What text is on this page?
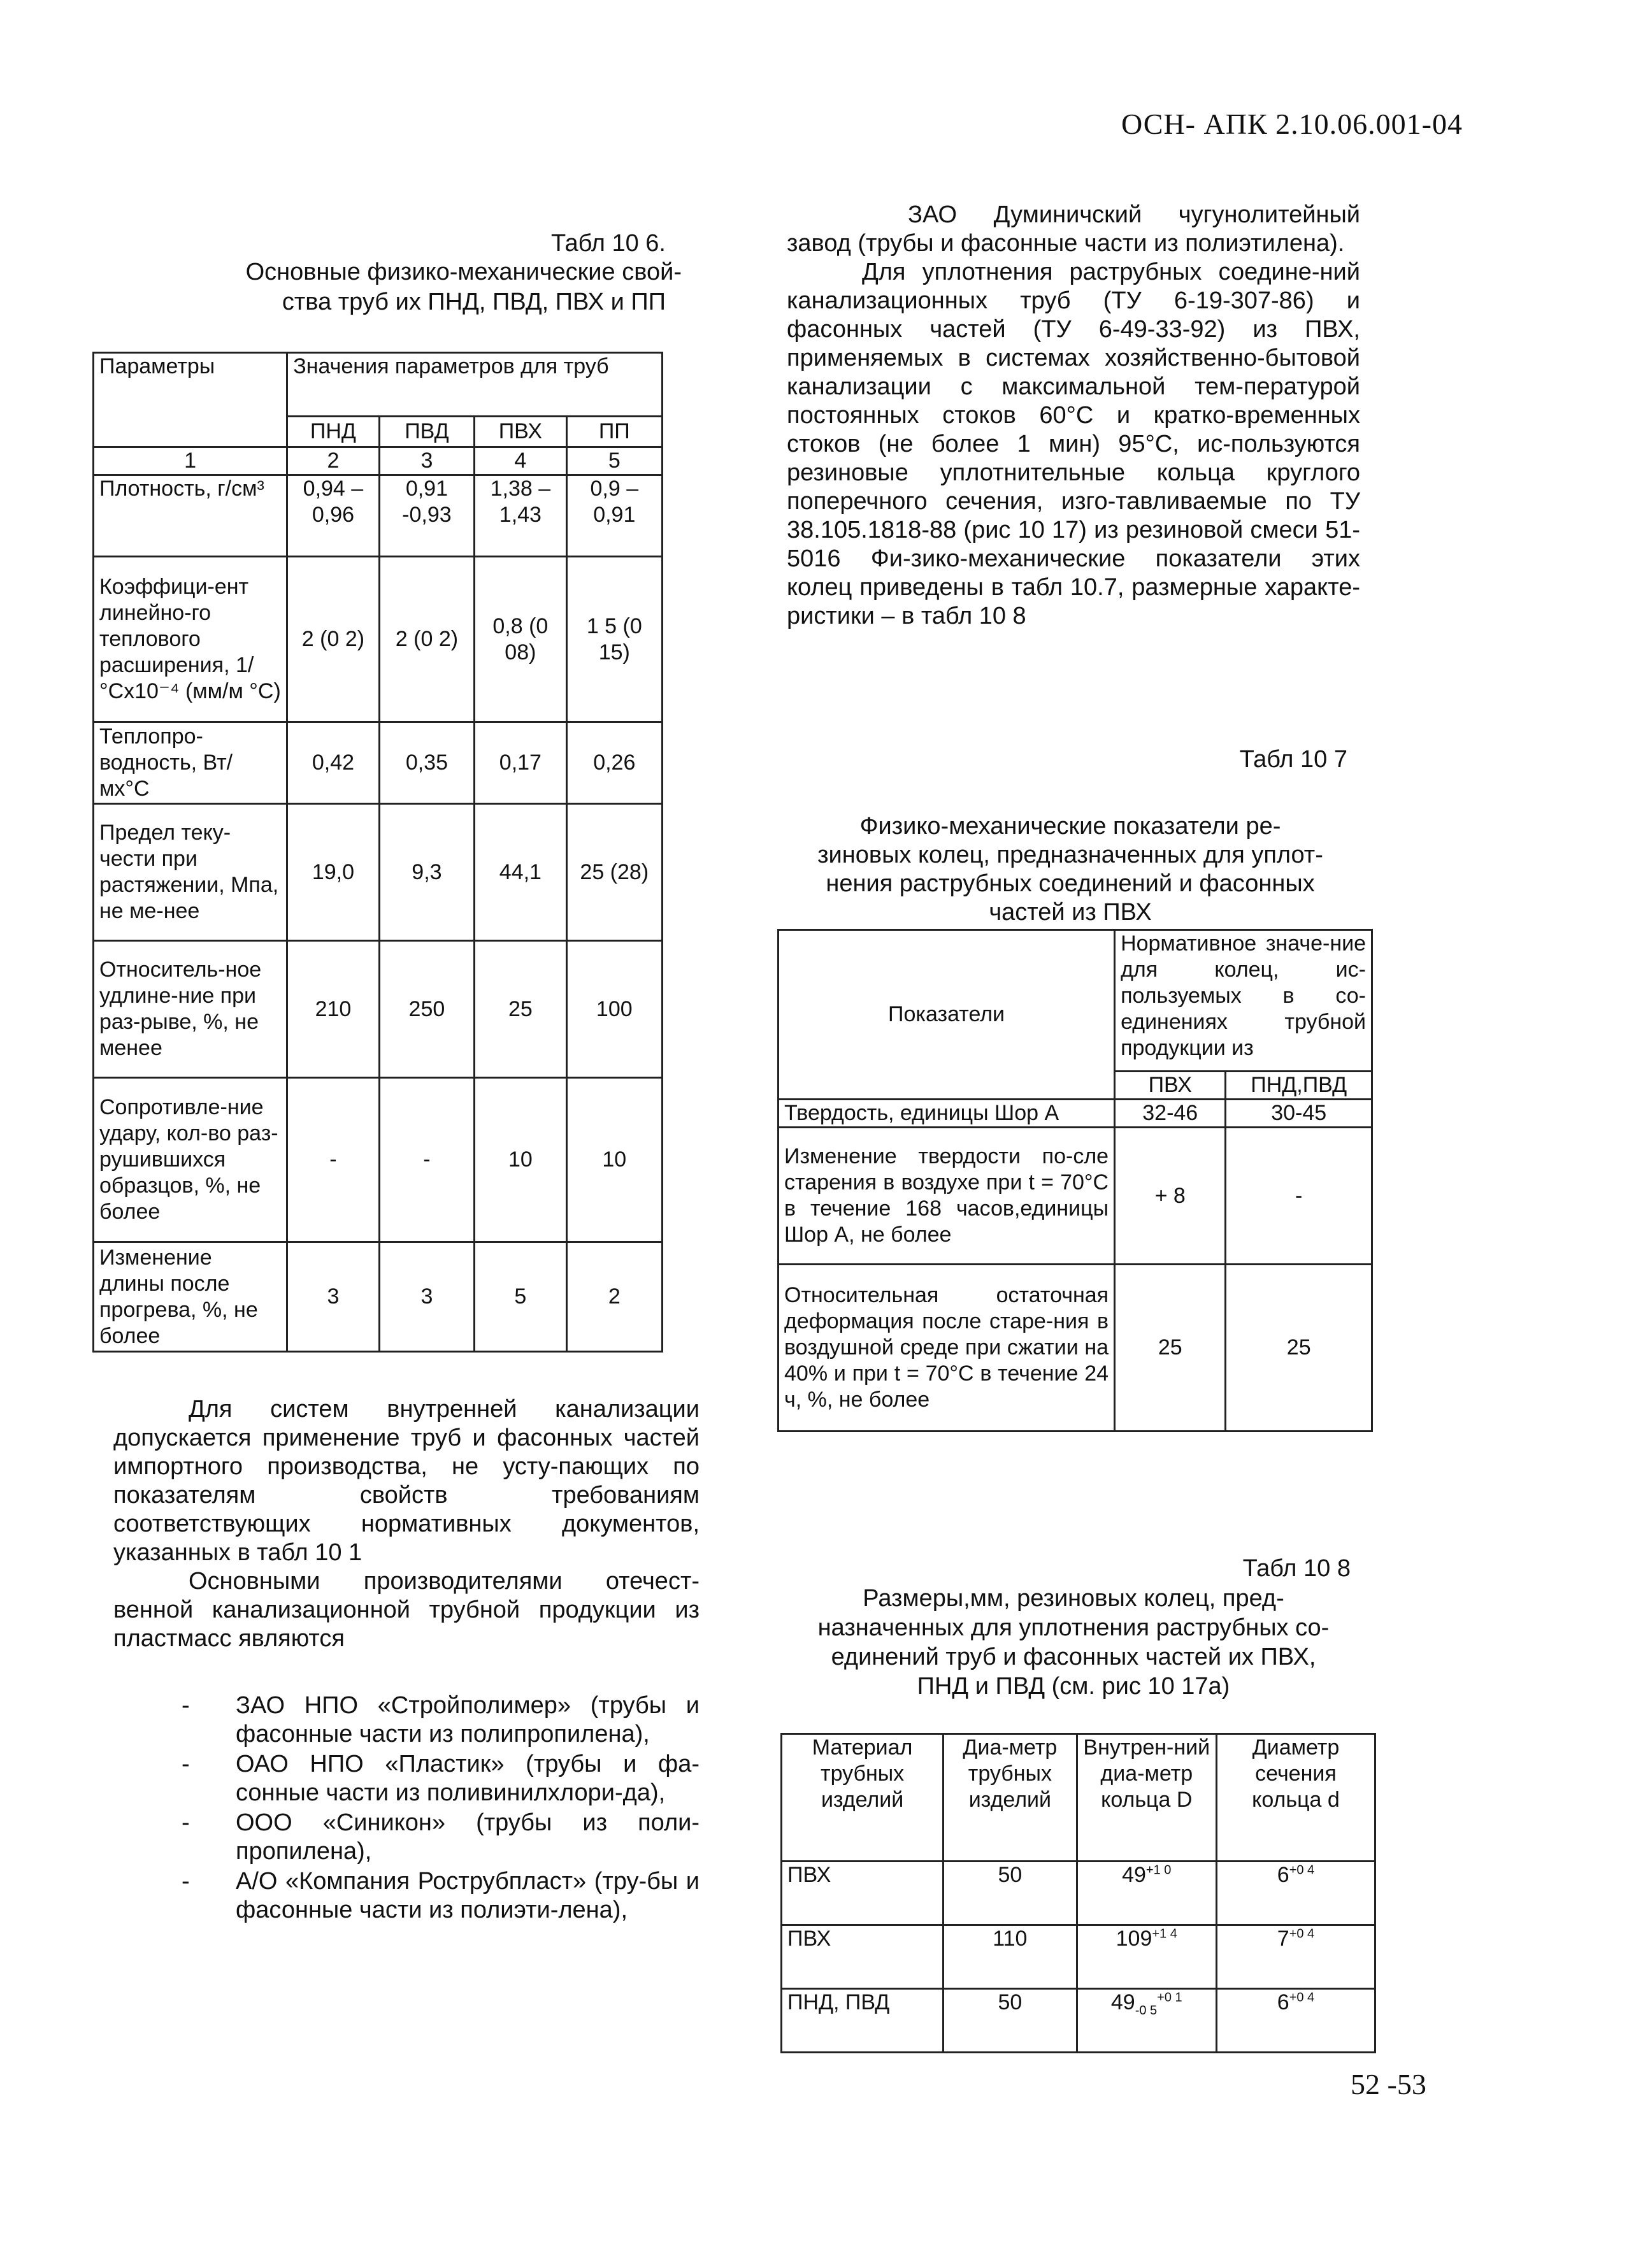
ОСН- АПК 2.10.06.001-04
52 -53
Табл 10 6.
Основные физико-механические свой-
ства труб их ПНД, ПВД, ПВХ и ПП
Параметры	Значения параметров для труб			
	ПНД	ПВД	ПВХ	ПП
1	2	3	4	5
Плотность, г/см³	0,94 –0,96	0,91 -0,93	1,38 – 1,43	0,9 – 0,91
Коэффици-ент линейно-го теплового расширения, 1/°Cx10⁻⁴ (мм/м °С)	2 (0 2)	2 (0 2)	0,8 (0 08)	1 5 (0 15)
Теплопро-водность, Вт/мх°С	0,42	0,35	0,17	0,26
Предел теку-чести при растяжении, Мпа, не ме-нее	19,0	9,3	44,1	25 (28)
Относитель-ное удлине-ние при раз-рыве, %, не менее	210	250	25	100
Сопротивле-ние удару, кол-во раз-рушившихся образцов, %, не более	-	-	10	10
Изменение длины после прогрева, %, не более	3	3	5	2

Для систем внутренней канализации допускается применение труб и фасонных частей импортного производства, не усту-пающих по показателям свойств требованиям соответствующих нормативных документов, указанных в табл 10 1

Основными производителями отечест-венной канализационной трубной продукции из пластмасс являются

- ЗАО НПО «Стройполимер» (трубы и фасонные части из полипропилена),
- ОАО НПО «Пластик» (трубы и фа-сонные части из поливинилхлори-да),
- ООО «Синикон» (трубы из поли-пропилена),
- А/О «Компания Рострубпласт» (тру-бы и фасонные части из полиэти-лена),

ЗАО Думиничский чугунолитейный завод (трубы и фасонные части из полиэтилена).

Для уплотнения раструбных соедине-ний канализационных труб (ТУ 6-19-307-86) и фасонных частей (ТУ 6-49-33-92) из ПВХ, применяемых в системах хозяйственно-бытовой канализации с максимальной тем-пературой постоянных стоков 60°С и кратко-временных стоков (не более 1 мин) 95°С, ис-пользуются резиновые уплотнительные кольца круглого поперечного сечения, изго-тавливаемые по ТУ 38.105.1818-88 (рис 10 17) из резиновой смеси 51-5016 Фи-зико-механические показатели этих колец приведены в табл 10.7, размерные характе-ристики – в табл 10 8

Табл 10 7
Физико-механические показатели ре-
зиновых колец, предназначенных для уплот-
нения раструбных соединений и фасонных
частей из ПВХ
Показатели	Нормативное значе-ние для колец, ис-пользуемых в со-единениях трубной продукции из	
	ПВХ	ПНД,ПВД
Твердость, единицы Шор А	32-46	30-45
Изменение твердости по-сле старения в воздухе при t = 70°С в течение 168 часов,единицы Шор А, не более	+ 8	-
Относительная остаточная деформация после старе-ния в воздушной среде при сжатии на 40% и при t = 70°С в течение 24 ч, %, не более	25	25
Табл 10 8
Размеры,мм, резиновых колец, пред-
назначенных для уплотнения раструбных со-
единений труб и фасонных частей их ПВХ,
ПНД и ПВД (см. рис 10 17а)
Материал трубных изделий	Диа-метр трубных изделий	Внутрен-ний диа-метр кольца D	Диаметр сечения кольца d
ПВХ	50	$49^{+1 0}$	$6^{+0 4}$
ПВХ	110	$109^{+1 4}$	$7^{+0 4}$
ПНД, ПВД	50	$49_{-0 5}^{+0 1}$	$6^{+0 4}$
